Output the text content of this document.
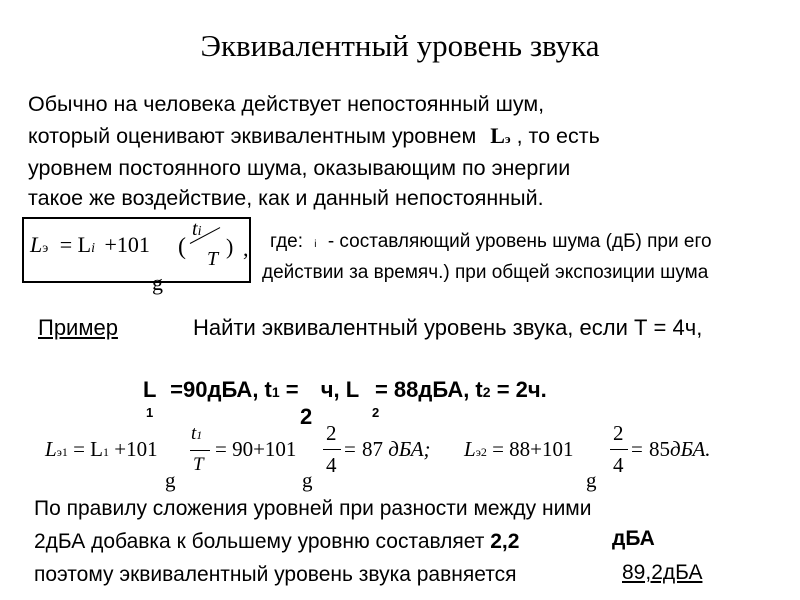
Эквивалентный уровень звука
Обычно на человека действует непостоянный шум,
который оценивают эквивалентным уровнем Lэ , то есть
уровнем постоянного шума, оказывающим по энергии
такое же воздействие, как и данный непостоянный.
Lэ = Li +101 (
ti
T ) ,
g
где: i - составляющий уровень шума (дБ) при его
действии за времяч.) при общей экспозиции шума
Пример	Найти эквивалентный уровень звука, если Т = 4ч,
L =90дБА, t1 = ч, L = 88дБА, t2 = 2ч.
1	2	2
Lэ1 = L1 +101
t1
T
= 90+101
2
4
= 87 дБА; Lэ2 = 88+101
2
4
= 85дБА.
g	g	g
По правилу сложения уровней при разности между ними
2дБА добавка к большему уровню составляет 2,2	дБА
поэтому эквивалентный уровень звука равняется	89,2дБА
